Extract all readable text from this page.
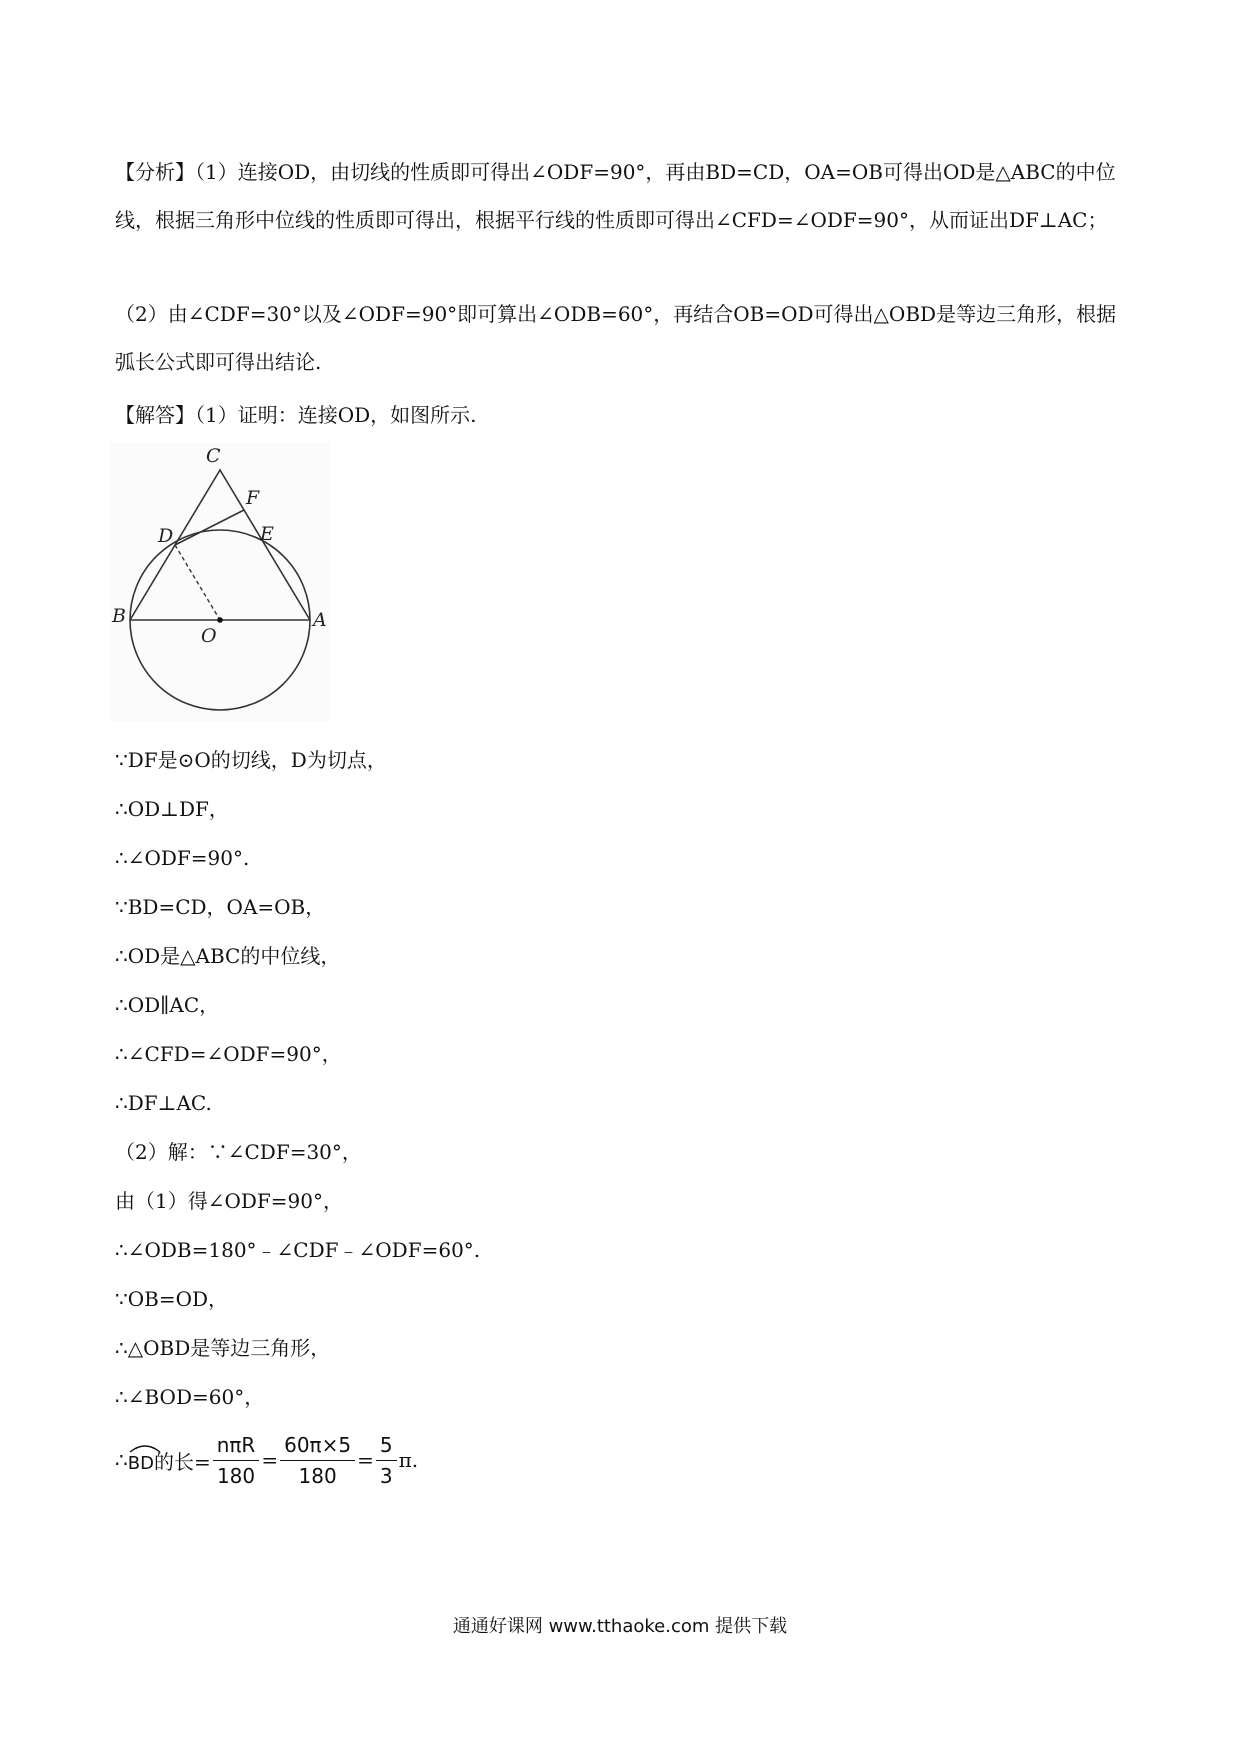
【分析】（1）连接OD，由切线的性质即可得出∠ODF=90°，再由BD=CD，OA=OB可得出OD是△ABC的中位线，根据三角形中位线的性质即可得出，根据平行线的性质即可得出∠CFD=∠ODF=90°，从而证出DF⊥AC；

（2）由∠CDF=30°以及∠ODF=90°即可算出∠ODB=60°，再结合OB=OD可得出△OBD是等边三角形，根据弧长公式即可得出结论.

【解答】（1）证明：连接OD，如图所示.

C
F
D	E
B
O
A

∵DF是⊙O的切线，D为切点，

∴OD⊥DF，

∴∠ODF=90°.

∵BD=CD，OA=OB，

∴OD是△ABC的中位线，

∴OD∥AC，

∴∠CFD=∠ODF=90°，

∴DF⊥AC.

（2）解：∵∠CDF=30°，

由（1）得∠ODF=90°，

∴∠ODB=180°﹣∠CDF﹣∠ODF=60°.

∵OB=OD，

∴△OBD是等边三角形，

∴∠BOD=60°，

∴ BD 的长= $\frac{\text{nπR}}{180} = \frac{60\pi\times 5}{180} = \frac{5}{3} \pi$.
通通好课网 www.tthaoke.com 提供下载
